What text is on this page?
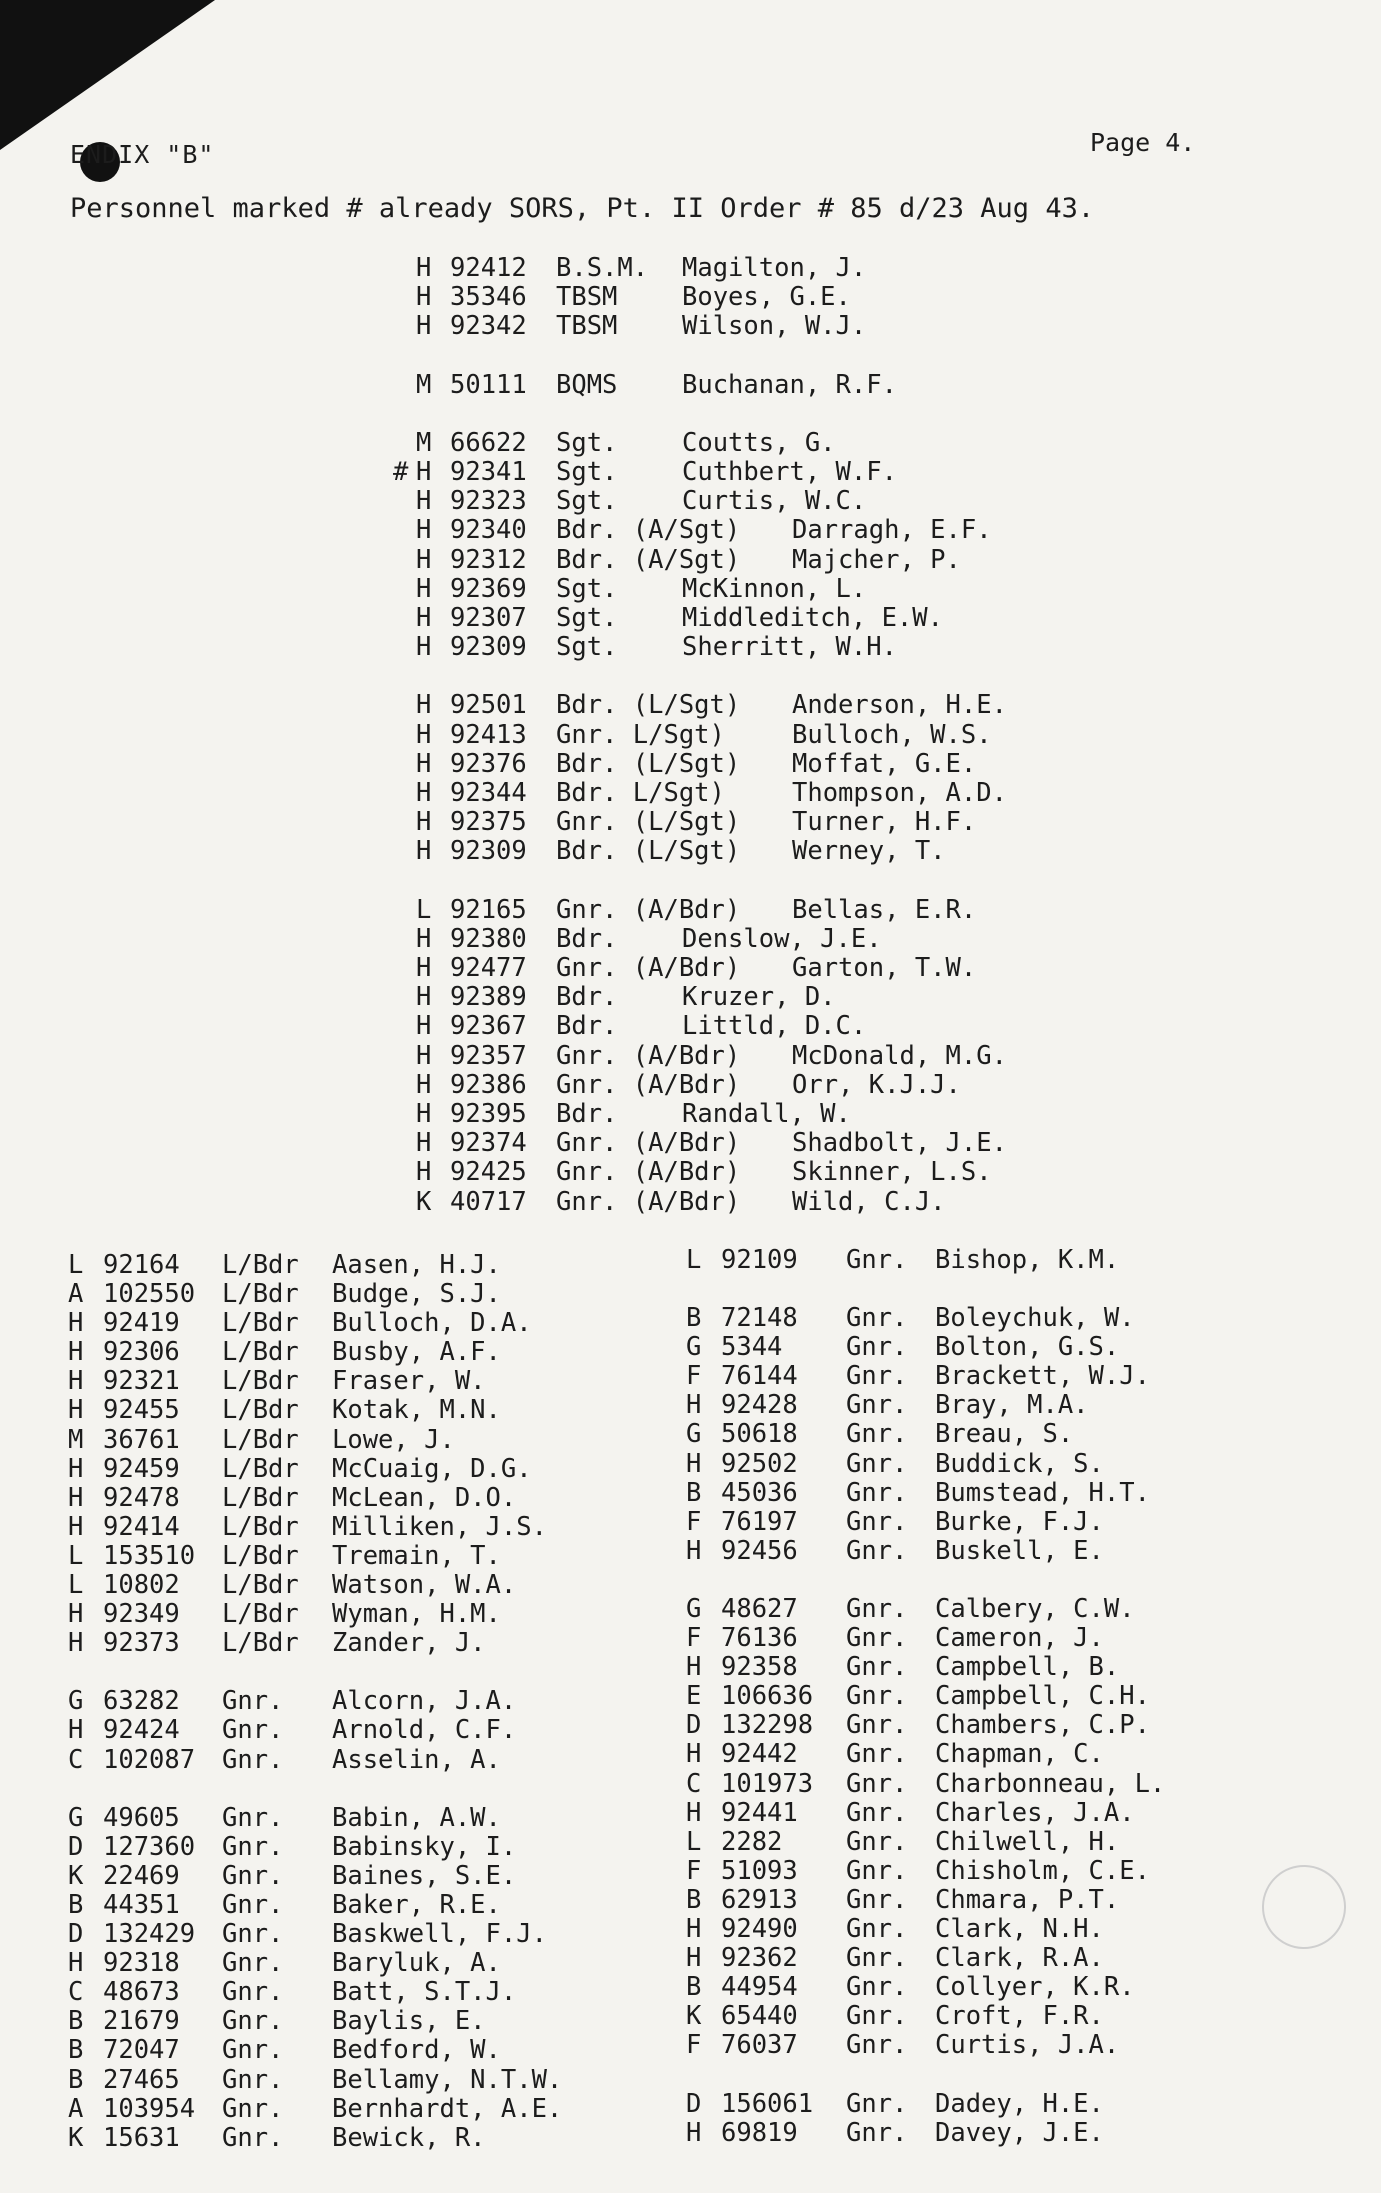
ENDIX "B"	Page 4.
Personnel marked # already SORS, Pt. II Order # 85 d/23 Aug 43.
H 92412 B.S.M. Magilton, J.
H 35346 TBSM	Boyes, G.E.
H 92342 TBSM	Wilson, W.J.
M 50111 BQMS	Buchanan, R.F.
M 66622 Sgt.	Coutts, G.
# H 92341 Sgt.	Cuthbert, W.F.
H 92323 Sgt.	Curtis, W.C.
H 92340 Bdr. (A/Sgt) Darragh, E.F.
H 92312 Bdr. (A/Sgt) Majcher, P.
H 92369 Sgt.	McKinnon, L.
H 92307 Sgt.	Middleditch, E.W.
H 92309 Sgt.	Sherritt, W.H.
H 92501 Bdr. (L/Sgt) Anderson, H.E.
H 92413 Gnr. L/Sgt)	Bulloch, W.S.
H 92376 Bdr. (L/Sgt) Moffat, G.E.
H 92344 Bdr. L/Sgt)	Thompson, A.D.
H 92375 Gnr. (L/Sgt) Turner, H.F.
H 92309 Bdr. (L/Sgt) Werney, T.
L 92165 Gnr. (A/Bdr) Bellas, E.R.
H 92380 Bdr.	Denslow, J.E.
H 92477 Gnr. (A/Bdr) Garton, T.W.
H 92389 Bdr.	Kruzer, D.
H 92367 Bdr.	Littld, D.C.
H 92357 Gnr. (A/Bdr) McDonald, M.G.
H 92386 Gnr. (A/Bdr) Orr, K.J.J.
H 92395 Bdr.	Randall, W.
H 92374 Gnr. (A/Bdr) Shadbolt, J.E.
H 92425 Gnr. (A/Bdr) Skinner, L.S.
K 40717 Gnr. (A/Bdr) Wild, C.J.
L 92164 L/Bdr Aasen, H.J.
A 102550 L/Bdr Budge, S.J.
H 92419 L/Bdr Bulloch, D.A.
H 92306 L/Bdr Busby, A.F.
H 92321 L/Bdr Fraser, W.
H 92455 L/Bdr Kotak, M.N.
M 36761 L/Bdr Lowe, J.
H 92459 L/Bdr McCuaig, D.G.
H 92478 L/Bdr McLean, D.O.
H 92414 L/Bdr Milliken, J.S.
L 153510 L/Bdr Tremain, T.
L 10802 L/Bdr Watson, W.A.
H 92349 L/Bdr Wyman, H.M.
H 92373 L/Bdr Zander, J.
G 63282 Gnr. Alcorn, J.A.
H 92424 Gnr. Arnold, C.F.
C 102087 Gnr. Asselin, A.
G 49605 Gnr. Babin, A.W.
D 127360 Gnr. Babinsky, I.
K 22469 Gnr. Baines, S.E.
B 44351 Gnr. Baker, R.E.
D 132429 Gnr. Baskwell, F.J.
H 92318 Gnr. Baryluk, A.
C 48673 Gnr. Batt, S.T.J.
B 21679 Gnr. Baylis, E.
B 72047 Gnr. Bedford, W.
B 27465 Gnr. Bellamy, N.T.W.
A 103954 Gnr. Bernhardt, A.E.
K 15631 Gnr. Bewick, R.
L 92109 Gnr. Bishop, K.M.
B 72148 Gnr. Boleychuk, W.
G 5344 Gnr. Bolton, G.S.
F 76144 Gnr. Brackett, W.J.
H 92428 Gnr. Bray, M.A.
G 50618 Gnr. Breau, S.
H 92502 Gnr. Buddick, S.
B 45036 Gnr. Bumstead, H.T.
F 76197 Gnr. Burke, F.J.
H 92456 Gnr. Buskell, E.
G 48627 Gnr. Calbery, C.W.
F 76136 Gnr. Cameron, J.
H 92358 Gnr. Campbell, B.
E 106636 Gnr. Campbell, C.H.
D 132298 Gnr. Chambers, C.P.
H 92442 Gnr. Chapman, C.
C 101973 Gnr. Charbonneau, L.
H 92441 Gnr. Charles, J.A.
L 2282 Gnr. Chilwell, H.
F 51093 Gnr. Chisholm, C.E.
B 62913 Gnr. Chmara, P.T.
H 92490 Gnr. Clark, N.H.
H 92362 Gnr. Clark, R.A.
B 44954 Gnr. Collyer, K.R.
K 65440 Gnr. Croft, F.R.
F 76037 Gnr. Curtis, J.A.
D 156061 Gnr. Dadey, H.E.
H 69819 Gnr. Davey, J.E.
